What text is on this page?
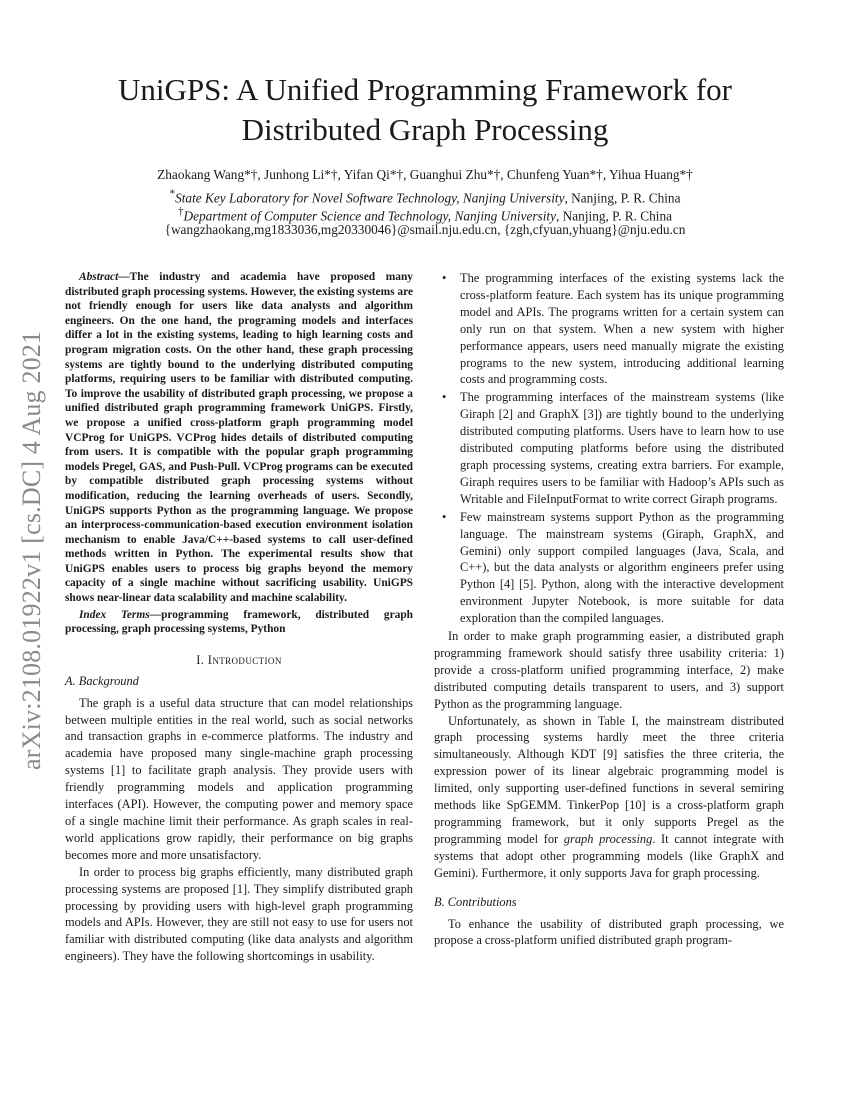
arXiv:2108.01922v1 [cs.DC] 4 Aug 2021
UniGPS: A Unified Programming Framework for
Distributed Graph Processing
Zhaokang Wang*†, Junhong Li*†, Yifan Qi*†, Guanghui Zhu*†, Chunfeng Yuan*†, Yihua Huang*†
*State Key Laboratory for Novel Software Technology, Nanjing University, Nanjing, P. R. China
†Department of Computer Science and Technology, Nanjing University, Nanjing, P. R. China
{wangzhaokang,mg1833036,mg20330046}@smail.nju.edu.cn, {zgh,cfyuan,yhuang}@nju.edu.cn
Abstract—The industry and academia have proposed many distributed graph processing systems. However, the existing systems are not friendly enough for users like data analysts and algorithm engineers. On the one hand, the programing models and interfaces differ a lot in the existing systems, leading to high learning costs and program migration costs. On the other hand, these graph processing systems are tightly bound to the underlying distributed computing platforms, requiring users to be familiar with distributed computing. To improve the usability of distributed graph processing, we propose a unified distributed graph programming framework UniGPS. Firstly, we propose a unified cross-platform graph programming model VCProg for UniGPS. VCProg hides details of distributed computing from users. It is compatible with the popular graph programming models Pregel, GAS, and Push-Pull. VCProg programs can be executed by compatible distributed graph processing systems without modification, reducing the learning overheads of users. Secondly, UniGPS supports Python as the programming language. We propose an interprocess-communication-based execution environment isolation mechanism to enable Java/C++-based systems to call user-defined methods written in Python. The experimental results show that UniGPS enables users to process big graphs beyond the memory capacity of a single machine without sacrificing usability. UniGPS shows near-linear data scalability and machine scalability.
Index Terms—programming framework, distributed graph processing, graph processing systems, Python
I. Introduction
A. Background

The graph is a useful data structure that can model relationships between multiple entities in the real world, such as social networks and transaction graphs in e-commerce platforms. The industry and academia have proposed many single-machine graph processing systems [1] to facilitate graph analysis. They provide users with friendly programming models and application programming interfaces (API). However, the computing power and memory space of a single machine limit their performance. As graph scales in real-world applications grow rapidly, their performance on big graphs becomes more and more unsatisfactory.

In order to process big graphs efficiently, many distributed graph processing systems are proposed [1]. They simplify distributed graph processing by providing users with high-level graph programming models and APIs. However, they are still not easy to use for users not familiar with distributed computing (like data analysts and algorithm engineers). They have the following shortcomings in usability.

• The programming interfaces of the existing systems lack the cross-platform feature. Each system has its unique programming model and APIs. The programs written for a certain system can only run on that system. When a new system with higher performance appears, users need manually migrate the existing programs to the new system, introducing additional learning costs and programming costs.
• The programming interfaces of the mainstream systems (like Giraph [2] and GraphX [3]) are tightly bound to the underlying distributed computing platforms. Users have to learn how to use distributed computing platforms before using the distributed graph processing systems, creating extra barriers. For example, Giraph requires users to be familiar with Hadoop’s APIs such as Writable and FileInputFormat to write correct Giraph programs.
• Few mainstream systems support Python as the programming language. The mainstream systems (Giraph, GraphX, and Gemini) only support compiled languages (Java, Scala, and C++), but the data analysts or algorithm engineers prefer using Python [4] [5]. Python, along with the interactive development environment Jupyter Notebook, is more suitable for data exploration than the compiled languages.

In order to make graph programming easier, a distributed graph programming framework should satisfy three usability criteria: 1) provide a cross-platform unified programming interface, 2) make distributed computing details transparent to users, and 3) support Python as the programming language.

Unfortunately, as shown in Table I, the mainstream distributed graph processing systems hardly meet the three criteria simultaneously. Although KDT [9] satisfies the three criteria, the expression power of its linear algebraic programming model is limited, only supporting user-defined functions in several semiring methods like SpGEMM. TinkerPop [10] is a cross-platform graph programming framework, but it only supports Pregel as the programming model for graph processing. It cannot integrate with systems that adopt other programming models (like GraphX and Gemini). Furthermore, it only supports Java for graph processing.

B. Contributions

To enhance the usability of distributed graph processing, we propose a cross-platform unified distributed graph program-
